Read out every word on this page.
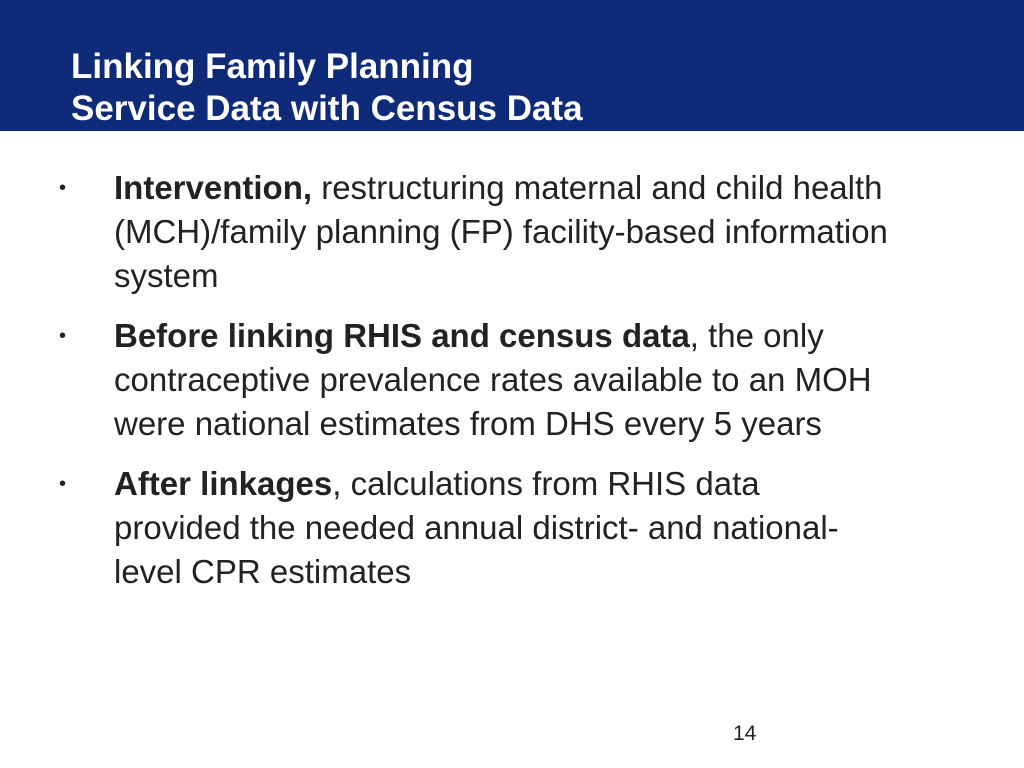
Linking Family Planning
Service Data with Census Data
• Intervention, restructuring maternal and child health (MCH)/family planning (FP) facility-based information system
• Before linking RHIS and census data, the only contraceptive prevalence rates available to an MOH were national estimates from DHS every 5 years
• After linkages, calculations from RHIS data provided the needed annual district- and national-level CPR estimates
14
